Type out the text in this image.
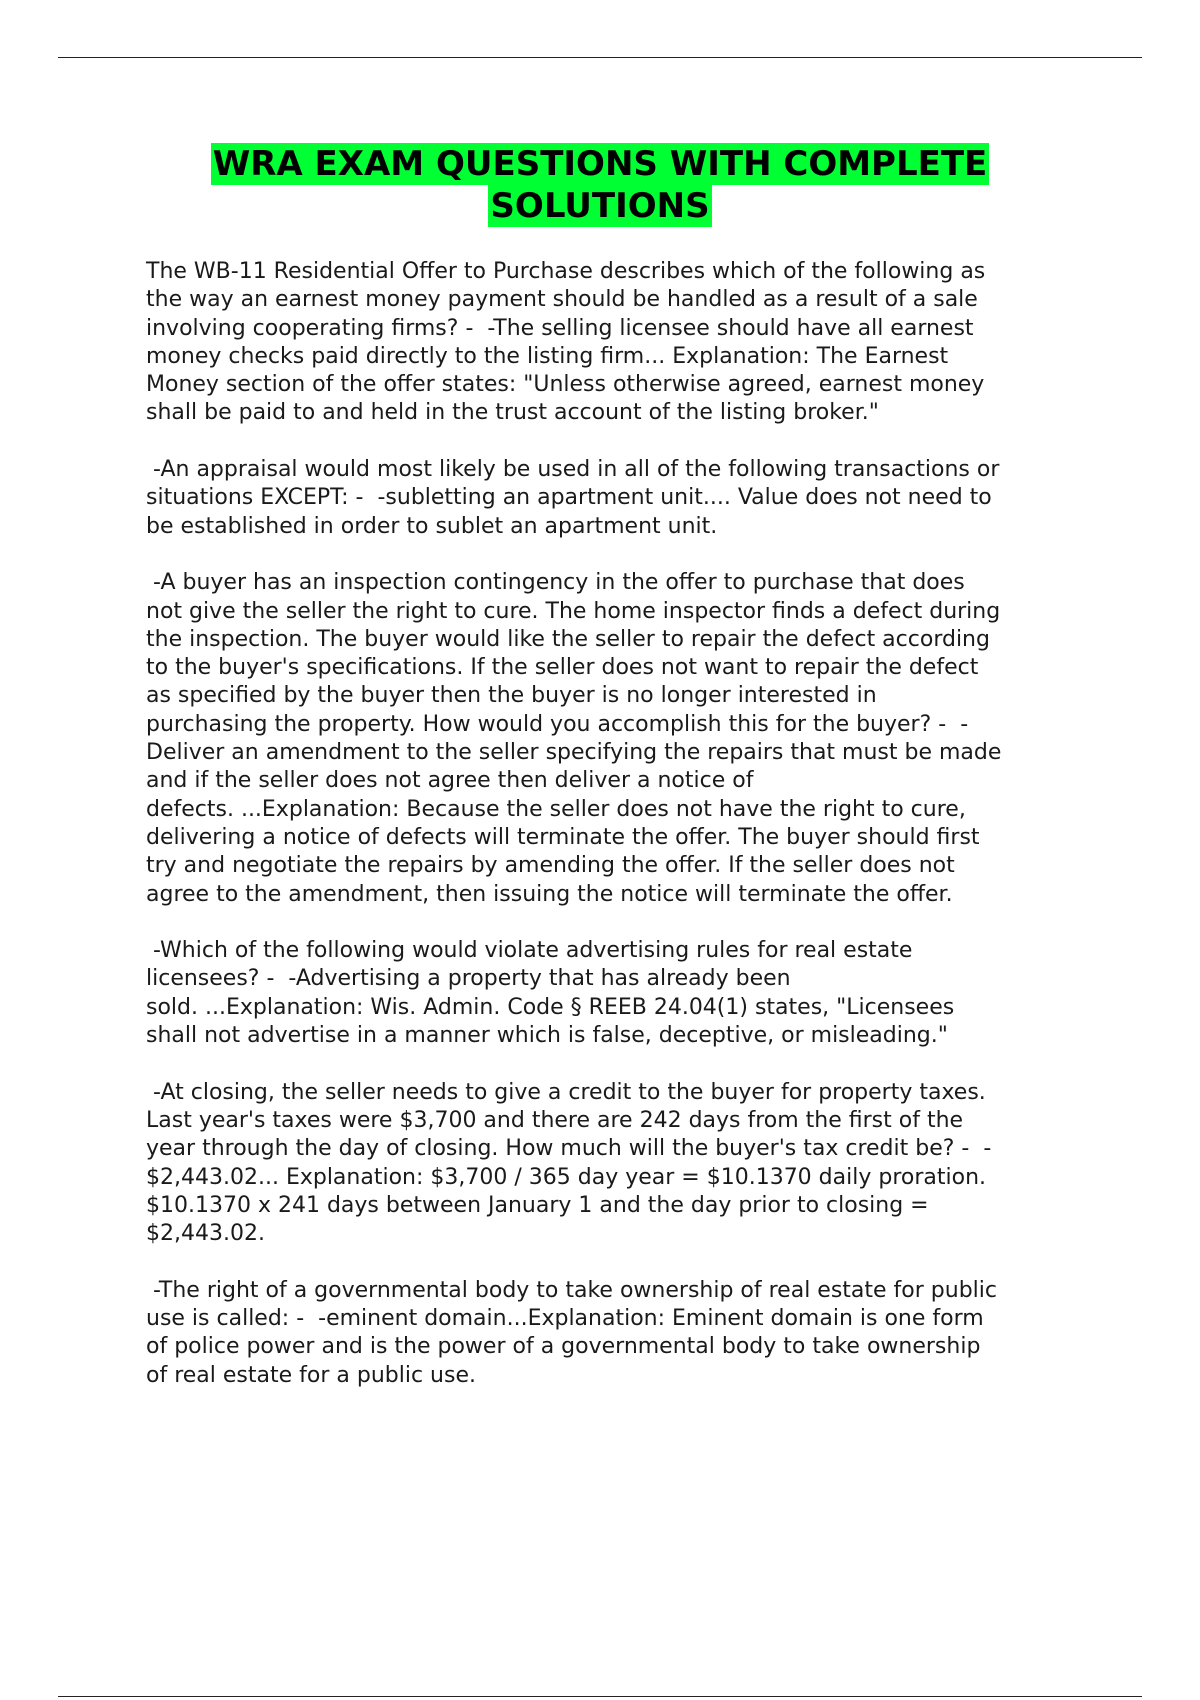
WRA EXAM QUESTIONS WITH COMPLETE
SOLUTIONS

The WB-11 Residential Offer to Purchase describes which of the following as
the way an earnest money payment should be handled as a result of a sale
involving cooperating firms? -  -The selling licensee should have all earnest
money checks paid directly to the listing firm... Explanation: The Earnest
Money section of the offer states: "Unless otherwise agreed, earnest money
shall be paid to and held in the trust account of the listing broker."

-An appraisal would most likely be used in all of the following transactions or
situations EXCEPT: -  -subletting an apartment unit.... Value does not need to
be established in order to sublet an apartment unit.

-A buyer has an inspection contingency in the offer to purchase that does
not give the seller the right to cure. The home inspector finds a defect during
the inspection. The buyer would like the seller to repair the defect according
to the buyer's specifications. If the seller does not want to repair the defect
as specified by the buyer then the buyer is no longer interested in
purchasing the property. How would you accomplish this for the buyer? -  -
Deliver an amendment to the seller specifying the repairs that must be made
and if the seller does not agree then deliver a notice of
defects. ...Explanation: Because the seller does not have the right to cure,
delivering a notice of defects will terminate the offer. The buyer should first
try and negotiate the repairs by amending the offer. If the seller does not
agree to the amendment, then issuing the notice will terminate the offer.

-Which of the following would violate advertising rules for real estate
licensees? -  -Advertising a property that has already been
sold. ...Explanation: Wis. Admin. Code § REEB 24.04(1) states, "Licensees
shall not advertise in a manner which is false, deceptive, or misleading."

-At closing, the seller needs to give a credit to the buyer for property taxes.
Last year's taxes were $3,700 and there are 242 days from the first of the
year through the day of closing. How much will the buyer's tax credit be? -  -
$2,443.02... Explanation: $3,700 / 365 day year = $10.1370 daily proration.
$10.1370 x 241 days between January 1 and the day prior to closing =
$2,443.02.

-The right of a governmental body to take ownership of real estate for public
use is called: -  -eminent domain...Explanation: Eminent domain is one form
of police power and is the power of a governmental body to take ownership
of real estate for a public use.
